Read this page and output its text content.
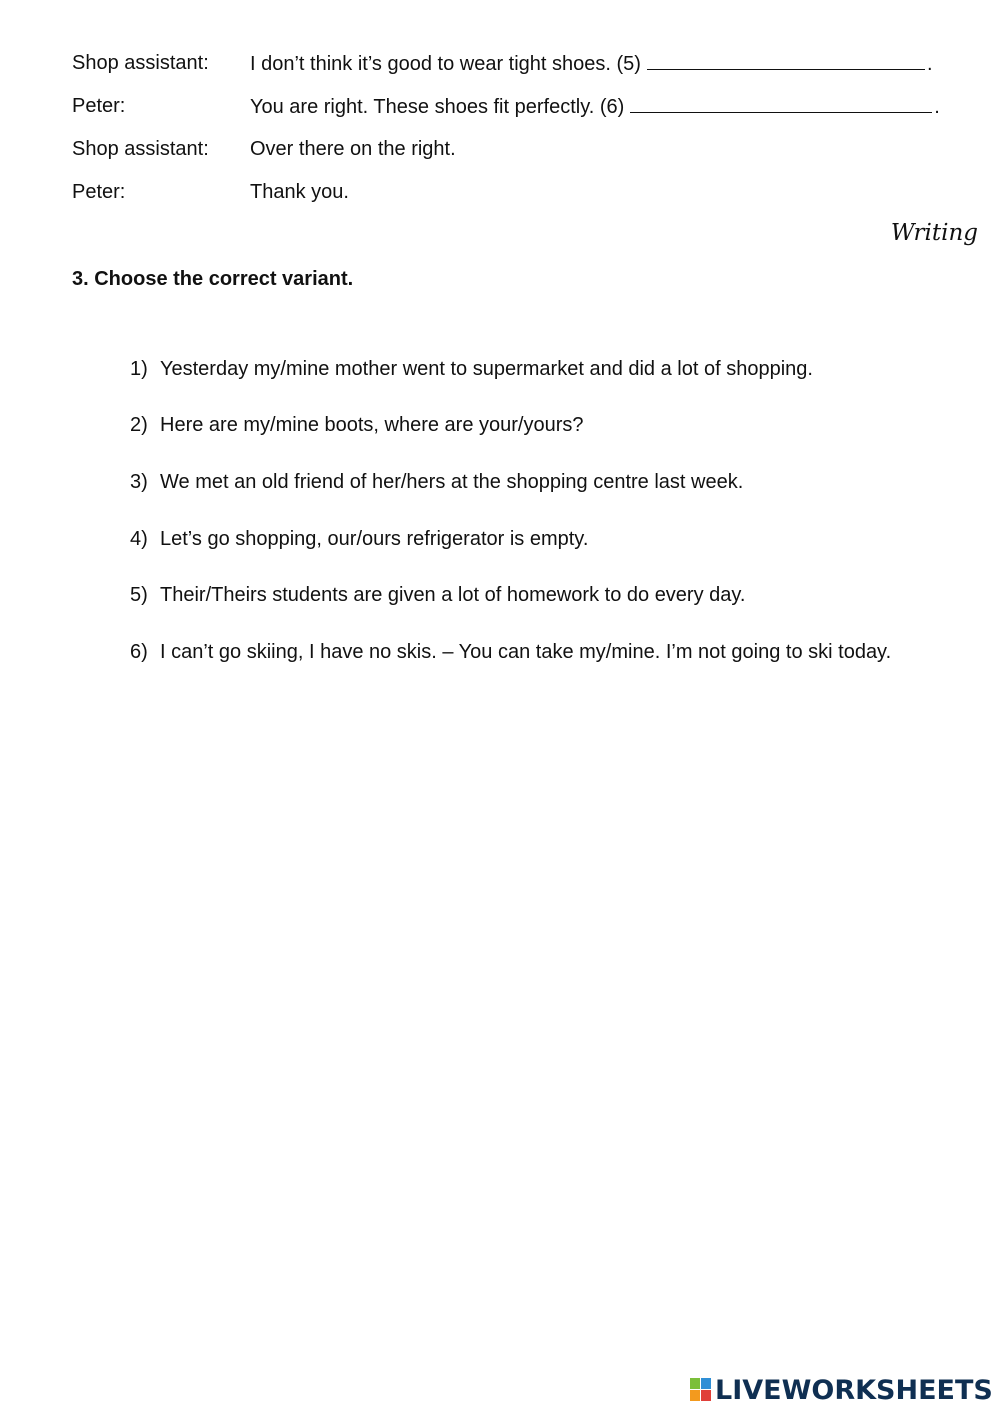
Shop assistant: I don’t think it’s good to wear tight shoes. (5)	.
Peter:	You are right. These shoes fit perfectly. (6)	.
Shop assistant: Over there on the right.
Peter:	Thank you.
Writing
3. Choose the correct variant.
1) Yesterday my/mine mother went to supermarket and did a lot of shopping.
2) Here are my/mine boots, where are your/yours?
3) We met an old friend of her/hers at the shopping centre last week.
4) Let’s go shopping, our/ours refrigerator is empty.
5) Their/Theirs students are given a lot of homework to do every day.
6) I can’t go skiing, I have no skis. – You can take my/mine. I’m not going to ski today.
LIVEWORKSHEETS
